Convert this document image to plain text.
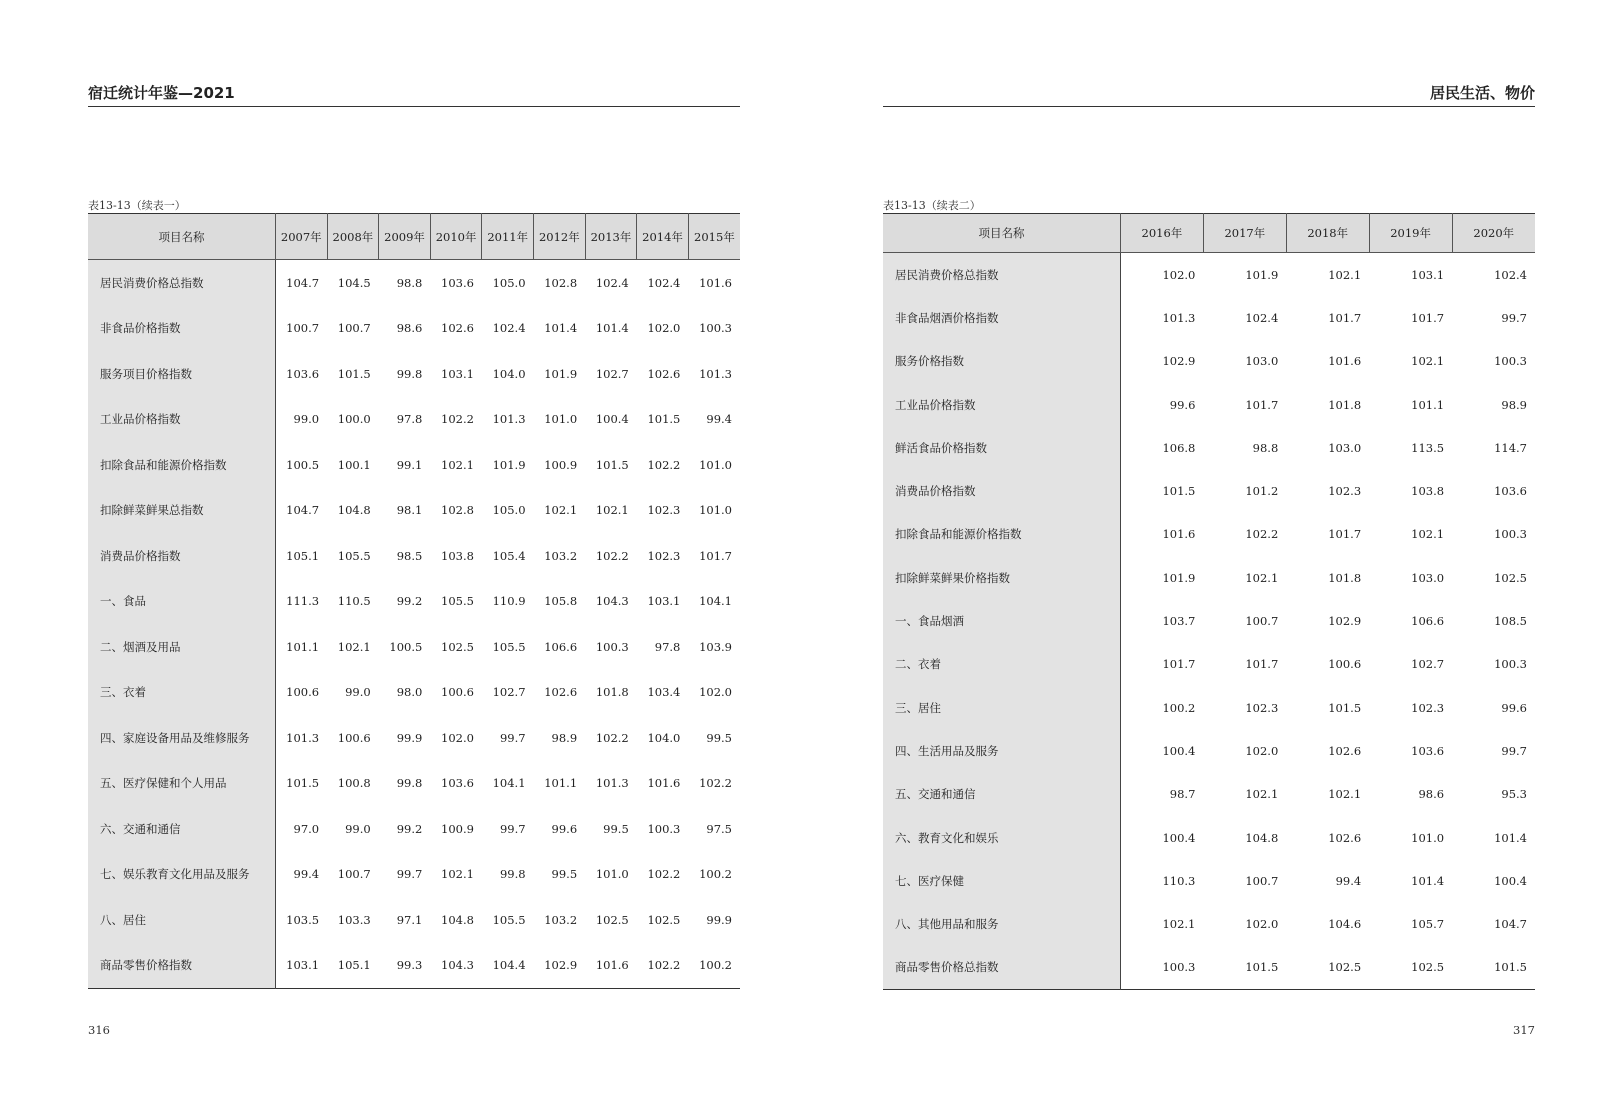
宿迁统计年鉴—2021
表13-13（续表一）
项目名称	2007年	2008年	2009年	2010年	2011年	2012年	2013年	2014年	2015年
居民消费价格总指数	104.7	104.5	98.8	103.6	105.0	102.8	102.4	102.4	101.6
非食品价格指数	100.7	100.7	98.6	102.6	102.4	101.4	101.4	102.0	100.3
服务项目价格指数	103.6	101.5	99.8	103.1	104.0	101.9	102.7	102.6	101.3
工业品价格指数	99.0	100.0	97.8	102.2	101.3	101.0	100.4	101.5	99.4
扣除食品和能源价格指数	100.5	100.1	99.1	102.1	101.9	100.9	101.5	102.2	101.0
扣除鲜菜鲜果总指数	104.7	104.8	98.1	102.8	105.0	102.1	102.1	102.3	101.0
消费品价格指数	105.1	105.5	98.5	103.8	105.4	103.2	102.2	102.3	101.7
一、食品	111.3	110.5	99.2	105.5	110.9	105.8	104.3	103.1	104.1
二、烟酒及用品	101.1	102.1	100.5	102.5	105.5	106.6	100.3	97.8	103.9
三、衣着	100.6	99.0	98.0	100.6	102.7	102.6	101.8	103.4	102.0
四、家庭设备用品及维修服务	101.3	100.6	99.9	102.0	99.7	98.9	102.2	104.0	99.5
五、医疗保健和个人用品	101.5	100.8	99.8	103.6	104.1	101.1	101.3	101.6	102.2
六、交通和通信	97.0	99.0	99.2	100.9	99.7	99.6	99.5	100.3	97.5
七、娱乐教育文化用品及服务	99.4	100.7	99.7	102.1	99.8	99.5	101.0	102.2	100.2
八、居住	103.5	103.3	97.1	104.8	105.5	103.2	102.5	102.5	99.9
商品零售价格指数	103.1	105.1	99.3	104.3	104.4	102.9	101.6	102.2	100.2
316
居民生活、物价
表13-13（续表二）
项目名称	2016年	2017年	2018年	2019年	2020年
居民消费价格总指数	102.0	101.9	102.1	103.1	102.4
非食品烟酒价格指数	101.3	102.4	101.7	101.7	99.7
服务价格指数	102.9	103.0	101.6	102.1	100.3
工业品价格指数	99.6	101.7	101.8	101.1	98.9
鲜活食品价格指数	106.8	98.8	103.0	113.5	114.7
消费品价格指数	101.5	101.2	102.3	103.8	103.6
扣除食品和能源价格指数	101.6	102.2	101.7	102.1	100.3
扣除鲜菜鲜果价格指数	101.9	102.1	101.8	103.0	102.5
一、食品烟酒	103.7	100.7	102.9	106.6	108.5
二、衣着	101.7	101.7	100.6	102.7	100.3
三、居住	100.2	102.3	101.5	102.3	99.6
四、生活用品及服务	100.4	102.0	102.6	103.6	99.7
五、交通和通信	98.7	102.1	102.1	98.6	95.3
六、教育文化和娱乐	100.4	104.8	102.6	101.0	101.4
七、医疗保健	110.3	100.7	99.4	101.4	100.4
八、其他用品和服务	102.1	102.0	104.6	105.7	104.7
商品零售价格总指数	100.3	101.5	102.5	102.5	101.5
317
